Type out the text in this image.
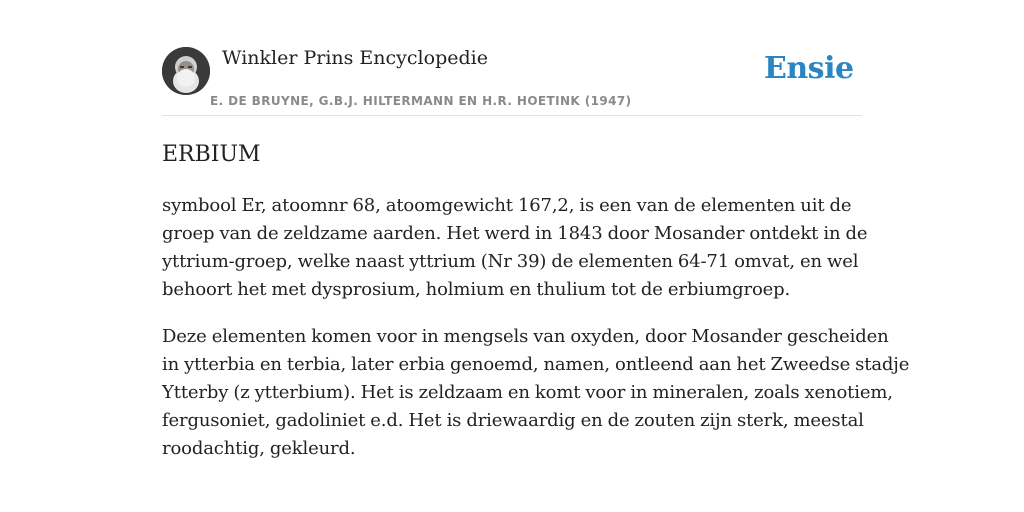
Winkler Prins Encyclopedie
E. DE BRUYNE, G.B.J. HILTERMANN EN H.R. HOETINK (1947)
Ensie
ERBIUM

symbool Er, atoomnr 68, atoomgewicht 167,2, is een van de elementen uit de
groep van de zeldzame aarden. Het werd in 1843 door Mosander ontdekt in de
yttrium-groep, welke naast yttrium (Nr 39) de elementen 64-71 omvat, en wel
behoort het met dysprosium, holmium en thulium tot de erbiumgroep.

Deze elementen komen voor in mengsels van oxyden, door Mosander gescheiden
in ytterbia en terbia, later erbia genoemd, namen, ontleend aan het Zweedse stadje
Ytterby (z ytterbium). Het is zeldzaam en komt voor in mineralen, zoals xenotiem,
fergusoniet, gadoliniet e.d. Het is driewaardig en de zouten zijn sterk, meestal
roodachtig, gekleurd.
